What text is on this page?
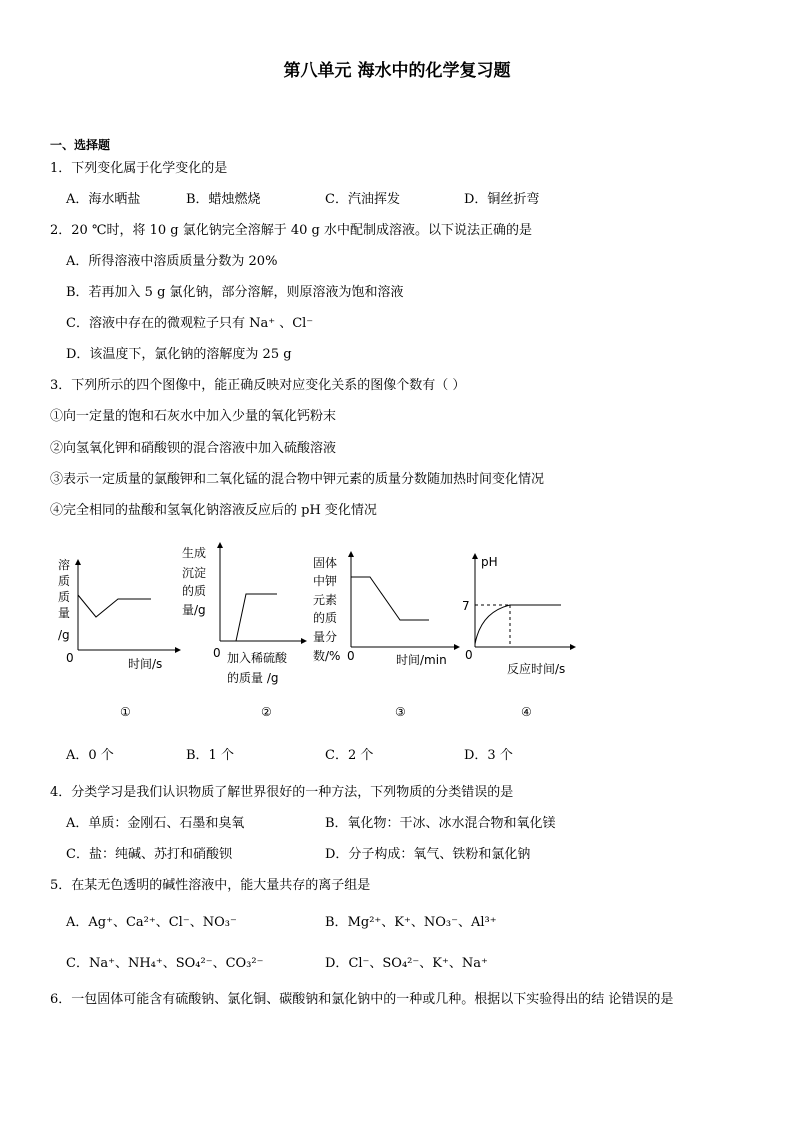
第八单元 海水中的化学复习题
一、选择题
1．下列变化属于化学变化的是
A．海水晒盐	B．蜡烛燃烧	C．汽油挥发	D．铜丝折弯
2．20 ℃时，将 10 g 氯化钠完全溶解于 40 g 水中配制成溶液。以下说法正确的是
A．所得溶液中溶质质量分数为 20%
B．若再加入 5 g 氯化钠，部分溶解，则原溶液为饱和溶液
C．溶液中存在的微观粒子只有 Na⁺ 、Cl⁻
D．该温度下，氯化钠的溶解度为 25 g
3．下列所示的四个图像中，能正确反映对应变化关系的图像个数有（ ）
①向一定量的饱和石灰水中加入少量的氧化钙粉末
②向氢氧化钾和硝酸钡的混合溶液中加入硫酸溶液
③表示一定质量的氯酸钾和二氧化锰的混合物中钾元素的质量分数随加热时间变化情况
④完全相同的盐酸和氢氧化钠溶液反应后的 pH 变化情况
溶
质
质
量
/g
0	时间/s
①
生成
沉淀
的质
量/g
0 加入稀硫酸
的质量 /g
②
固体
中钾
元素
的质
量分
数/% 0	时间/min
③
pH
7
0
反应时间/s
④
A．0 个	B．1 个	C．2 个	D．3 个
4．分类学习是我们认识物质了解世界很好的一种方法，下列物质的分类错误的是
A．单质：金刚石、石墨和臭氧	B．氧化物：干冰、冰水混合物和氧化镁
C．盐：纯碱、苏打和硝酸钡	D．分子构成：氧气、铁粉和氯化钠
5．在某无色透明的碱性溶液中，能大量共存的离子组是
A．Ag⁺、Ca²⁺、Cl⁻、NO₃⁻	B．Mg²⁺、K⁺、NO₃⁻、Al³⁺
C．Na⁺、NH₄⁺、SO₄²⁻、CO₃²⁻	D．Cl⁻、SO₄²⁻、K⁺、Na⁺
6．一包固体可能含有硫酸钠、氯化铜、碳酸钠和氯化钠中的一种或几种。根据以下实验得出的结 论错误的是
